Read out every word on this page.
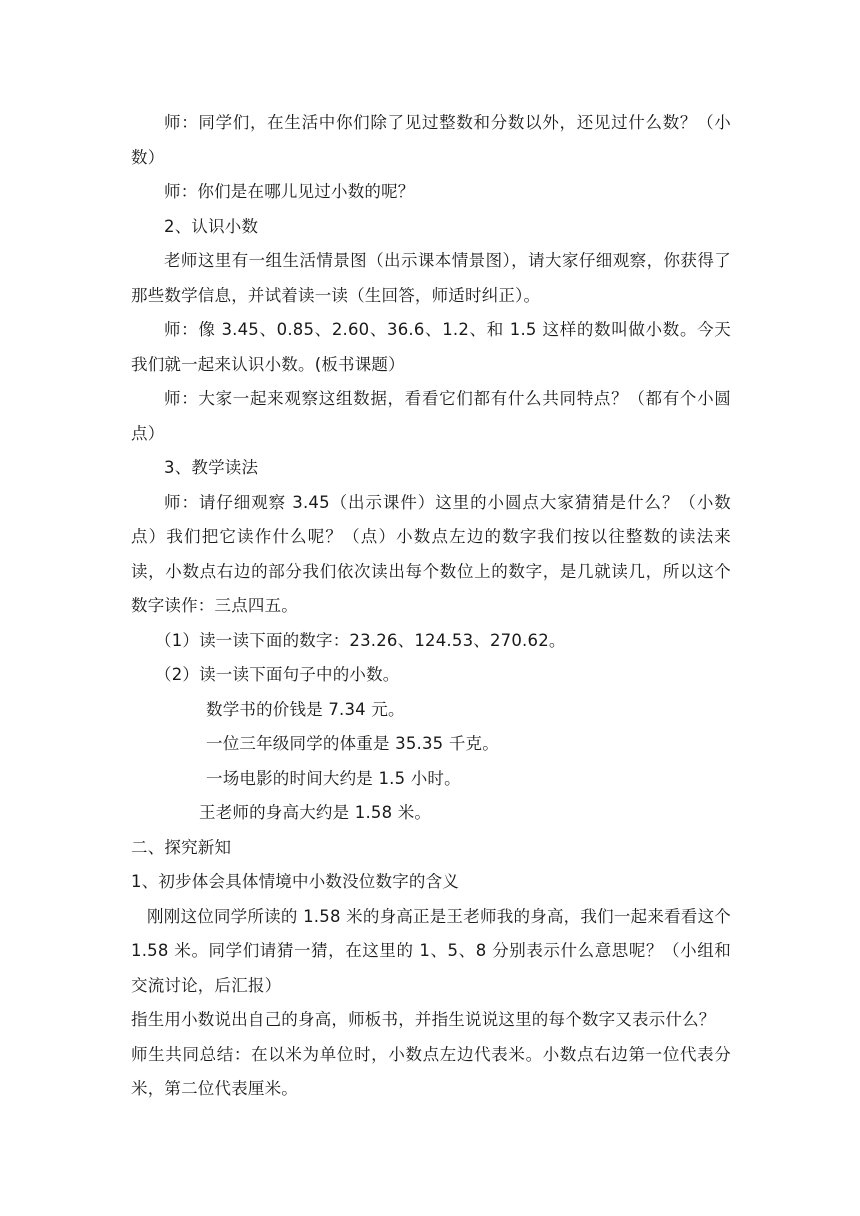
师：同学们，在生活中你们除了见过整数和分数以外，还见过什么数？（小数）

师：你们是在哪儿见过小数的呢？

2、认识小数

老师这里有一组生活情景图（出示课本情景图），请大家仔细观察，你获得了那些数学信息，并试着读一读（生回答，师适时纠正）。

师：像 3.45、0.85、2.60、36.6、1.2、和 1.5 这样的数叫做小数。今天我们就一起来认识小数。(板书课题）

师：大家一起来观察这组数据，看看它们都有什么共同特点？（都有个小圆点）

3、教学读法

师：请仔细观察 3.45（出示课件）这里的小圆点大家猜猜是什么？（小数点）我们把它读作什么呢？（点）小数点左边的数字我们按以往整数的读法来读，小数点右边的部分我们依次读出每个数位上的数字，是几就读几，所以这个数字读作：三点四五。

（1）读一读下面的数字：23.26、124.53、270.62。

（2）读一读下面句子中的小数。

数学书的价钱是 7.34 元。

一位三年级同学的体重是 35.35 千克。

一场电影的时间大约是 1.5 小时。

王老师的身高大约是 1.58 米。

二、探究新知

1、初步体会具体情境中小数没位数字的含义

刚刚这位同学所读的 1.58 米的身高正是王老师我的身高，我们一起来看看这个 1.58 米。同学们请猜一猜，在这里的 1、5、8 分别表示什么意思呢？（小组和交流讨论，后汇报）

指生用小数说出自己的身高，师板书，并指生说说这里的每个数字又表示什么？

师生共同总结：在以米为单位时，小数点左边代表米。小数点右边第一位代表分米，第二位代表厘米。
